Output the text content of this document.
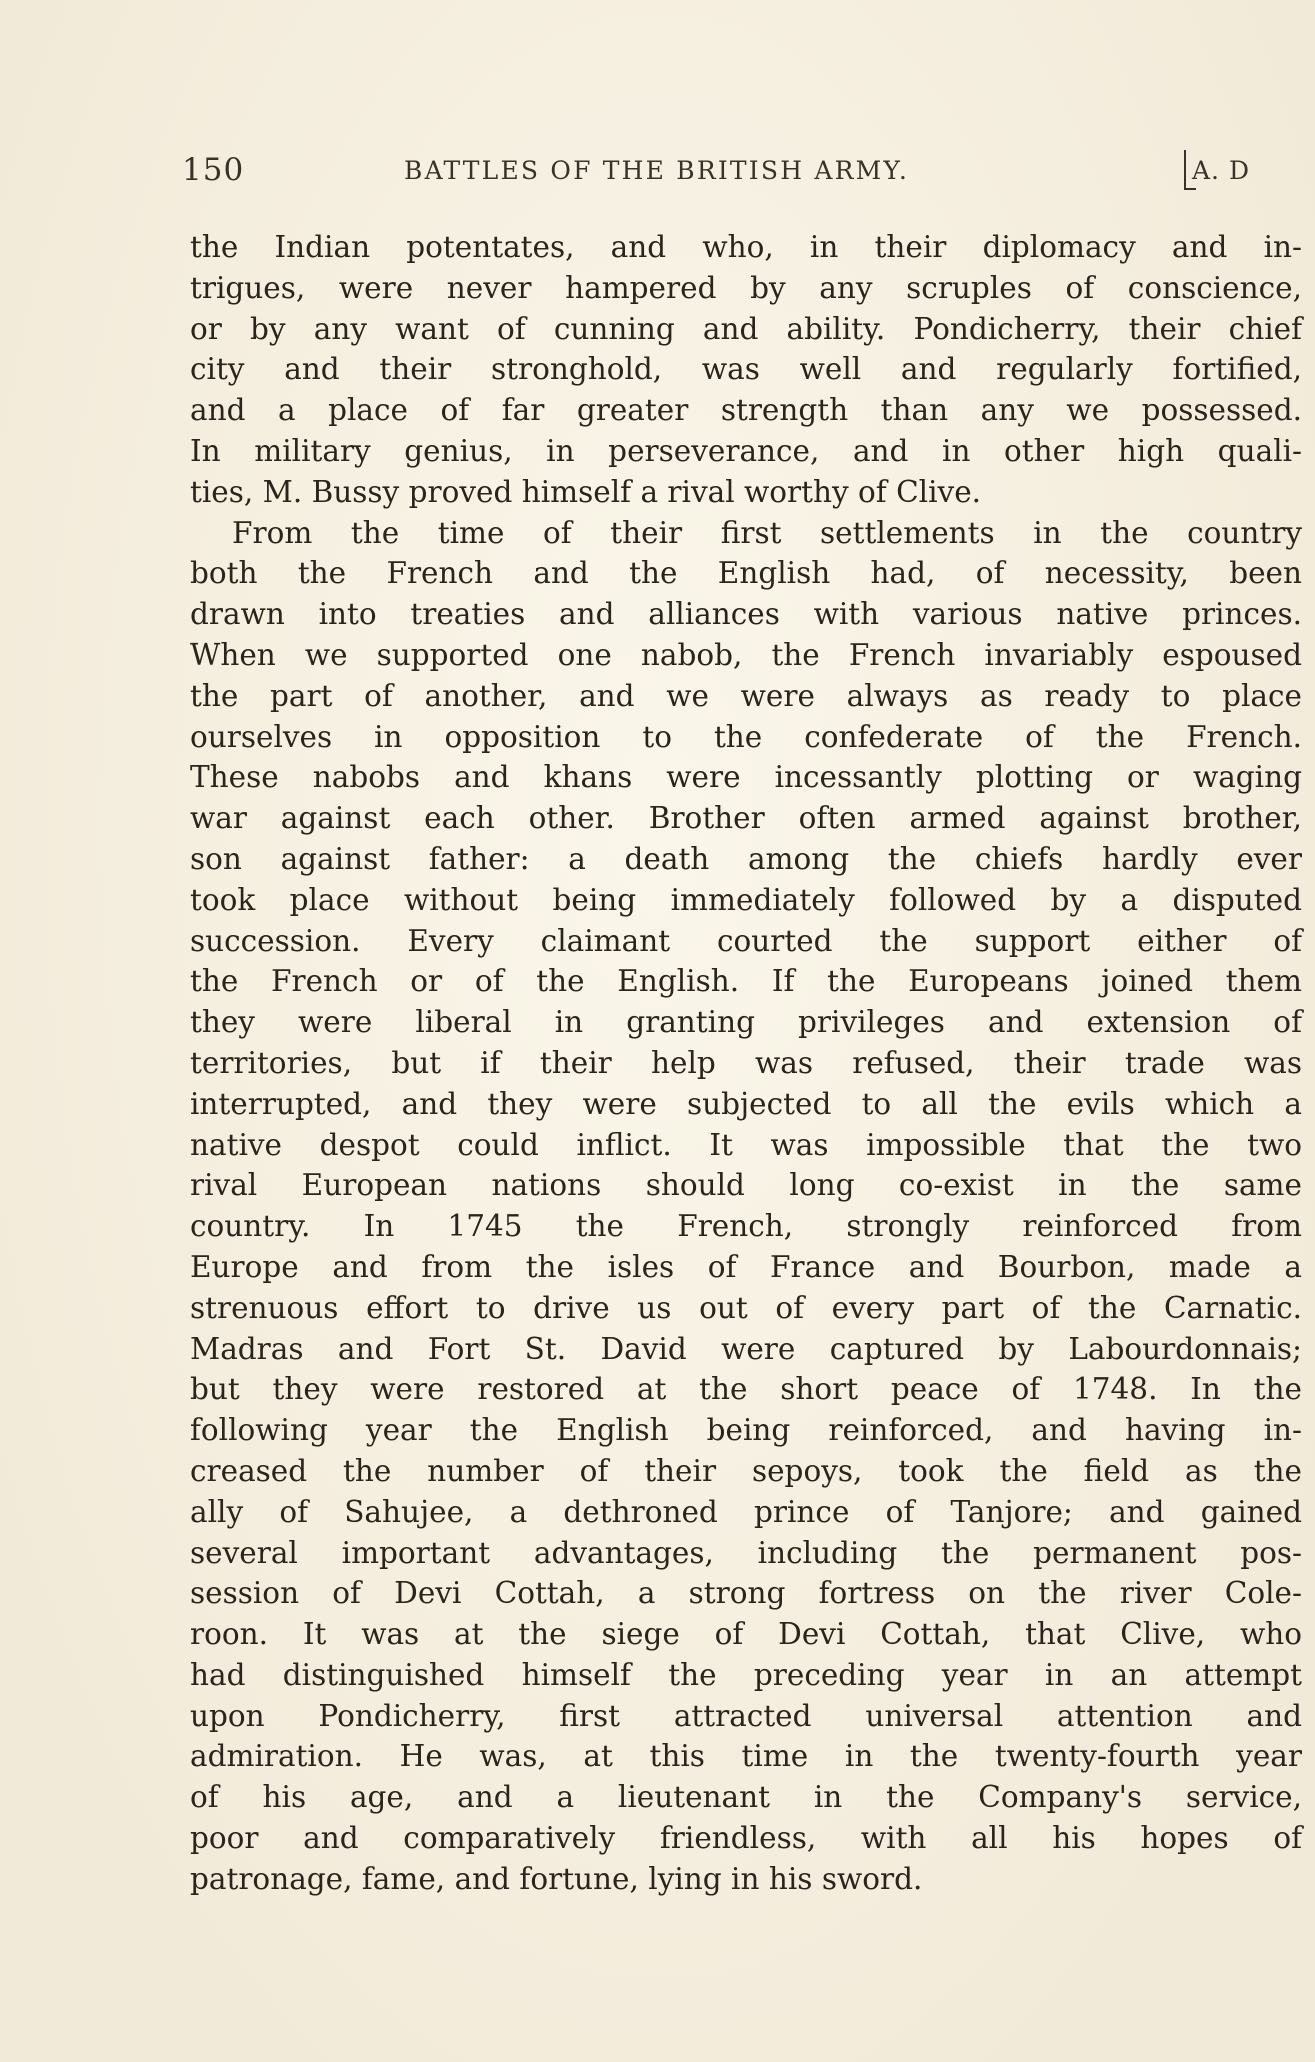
150	BATTLES OF THE BRITISH ARMY.	A. D
the Indian potentates, and who, in their diplomacy and in-
trigues, were never hampered by any scruples of conscience,
or by any want of cunning and ability. Pondicherry, their chief
city and their stronghold, was well and regularly fortified,
and a place of far greater strength than any we possessed.
In military genius, in perseverance, and in other high quali-
ties, M. Bussy proved himself a rival worthy of Clive.
From the time of their first settlements in the country
both the French and the English had, of necessity, been
drawn into treaties and alliances with various native princes.
When we supported one nabob, the French invariably espoused
the part of another, and we were always as ready to place
ourselves in opposition to the confederate of the French.
These nabobs and khans were incessantly plotting or waging
war against each other. Brother often armed against brother,
son against father: a death among the chiefs hardly ever
took place without being immediately followed by a disputed
succession. Every claimant courted the support either of
the French or of the English. If the Europeans joined them
they were liberal in granting privileges and extension of
territories, but if their help was refused, their trade was
interrupted, and they were subjected to all the evils which a
native despot could inflict. It was impossible that the two
rival European nations should long co-exist in the same
country. In 1745 the French, strongly reinforced from
Europe and from the isles of France and Bourbon, made a
strenuous effort to drive us out of every part of the Carnatic.
Madras and Fort St. David were captured by Labourdonnais;
but they were restored at the short peace of 1748. In the
following year the English being reinforced, and having in-
creased the number of their sepoys, took the field as the
ally of Sahujee, a dethroned prince of Tanjore; and gained
several important advantages, including the permanent pos-
session of Devi Cottah, a strong fortress on the river Cole-
roon. It was at the siege of Devi Cottah, that Clive, who
had distinguished himself the preceding year in an attempt
upon Pondicherry, first attracted universal attention and
admiration. He was, at this time in the twenty-fourth year
of his age, and a lieutenant in the Company's service,
poor and comparatively friendless, with all his hopes of
patronage, fame, and fortune, lying in his sword.
